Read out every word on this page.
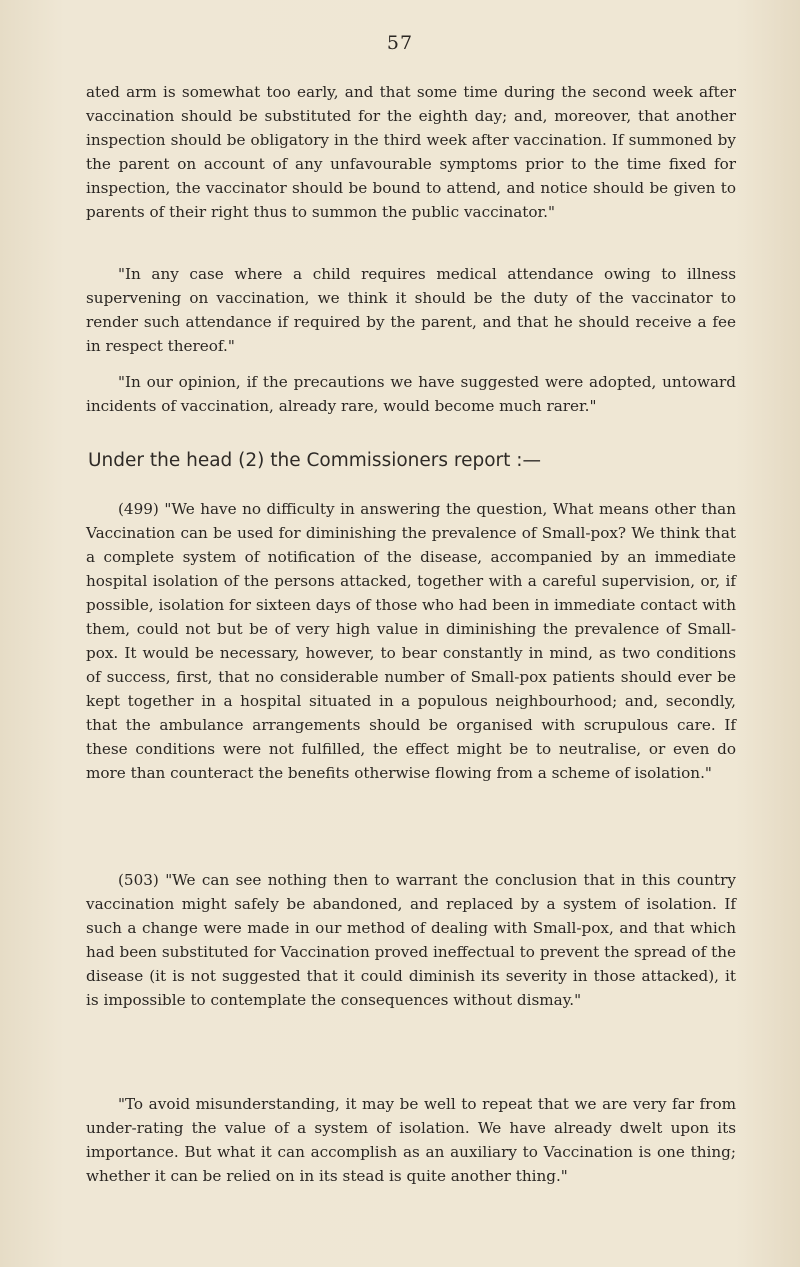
57

ated arm is somewhat too early, and that some time during the second week after vaccination should be substituted for the eighth day; and, moreover, that another inspection should be obligatory in the third week after vaccination. If summoned by the parent on account of any unfavourable symptoms prior to the time fixed for inspection, the vaccinator should be bound to attend, and notice should be given to parents of their right thus to summon the public vaccinator."

"In any case where a child requires medical attendance owing to illness supervening on vaccination, we think it should be the duty of the vaccinator to render such attendance if required by the parent, and that he should receive a fee in respect thereof."

"In our opinion, if the precautions we have suggested were adopted, untoward incidents of vaccination, already rare, would become much rarer."

Under the head (2) the Commissioners report :—

(499) "We have no difficulty in answering the question, What means other than Vaccination can be used for diminishing the prevalence of Small-pox? We think that a complete system of notification of the disease, accompanied by an immediate hospital isolation of the persons attacked, together with a careful supervision, or, if possible, isolation for sixteen days of those who had been in immediate contact with them, could not but be of very high value in diminishing the prevalence of Small-pox. It would be necessary, however, to bear constantly in mind, as two conditions of success, first, that no considerable number of Small-pox patients should ever be kept together in a hospital situated in a populous neighbourhood; and, secondly, that the ambulance arrangements should be organised with scrupulous care. If these conditions were not fulfilled, the effect might be to neutralise, or even do more than counteract the benefits otherwise flowing from a scheme of isolation."

(503) "We can see nothing then to warrant the conclusion that in this country vaccination might safely be abandoned, and replaced by a system of isolation. If such a change were made in our method of dealing with Small-pox, and that which had been substituted for Vaccination proved ineffectual to prevent the spread of the disease (it is not suggested that it could diminish its severity in those attacked), it is impossible to contemplate the consequences without dismay."

"To avoid misunderstanding, it may be well to repeat that we are very far from under-rating the value of a system of isolation. We have already dwelt upon its importance. But what it can accomplish as an auxiliary to Vaccination is one thing; whether it can be relied on in its stead is quite another thing."
